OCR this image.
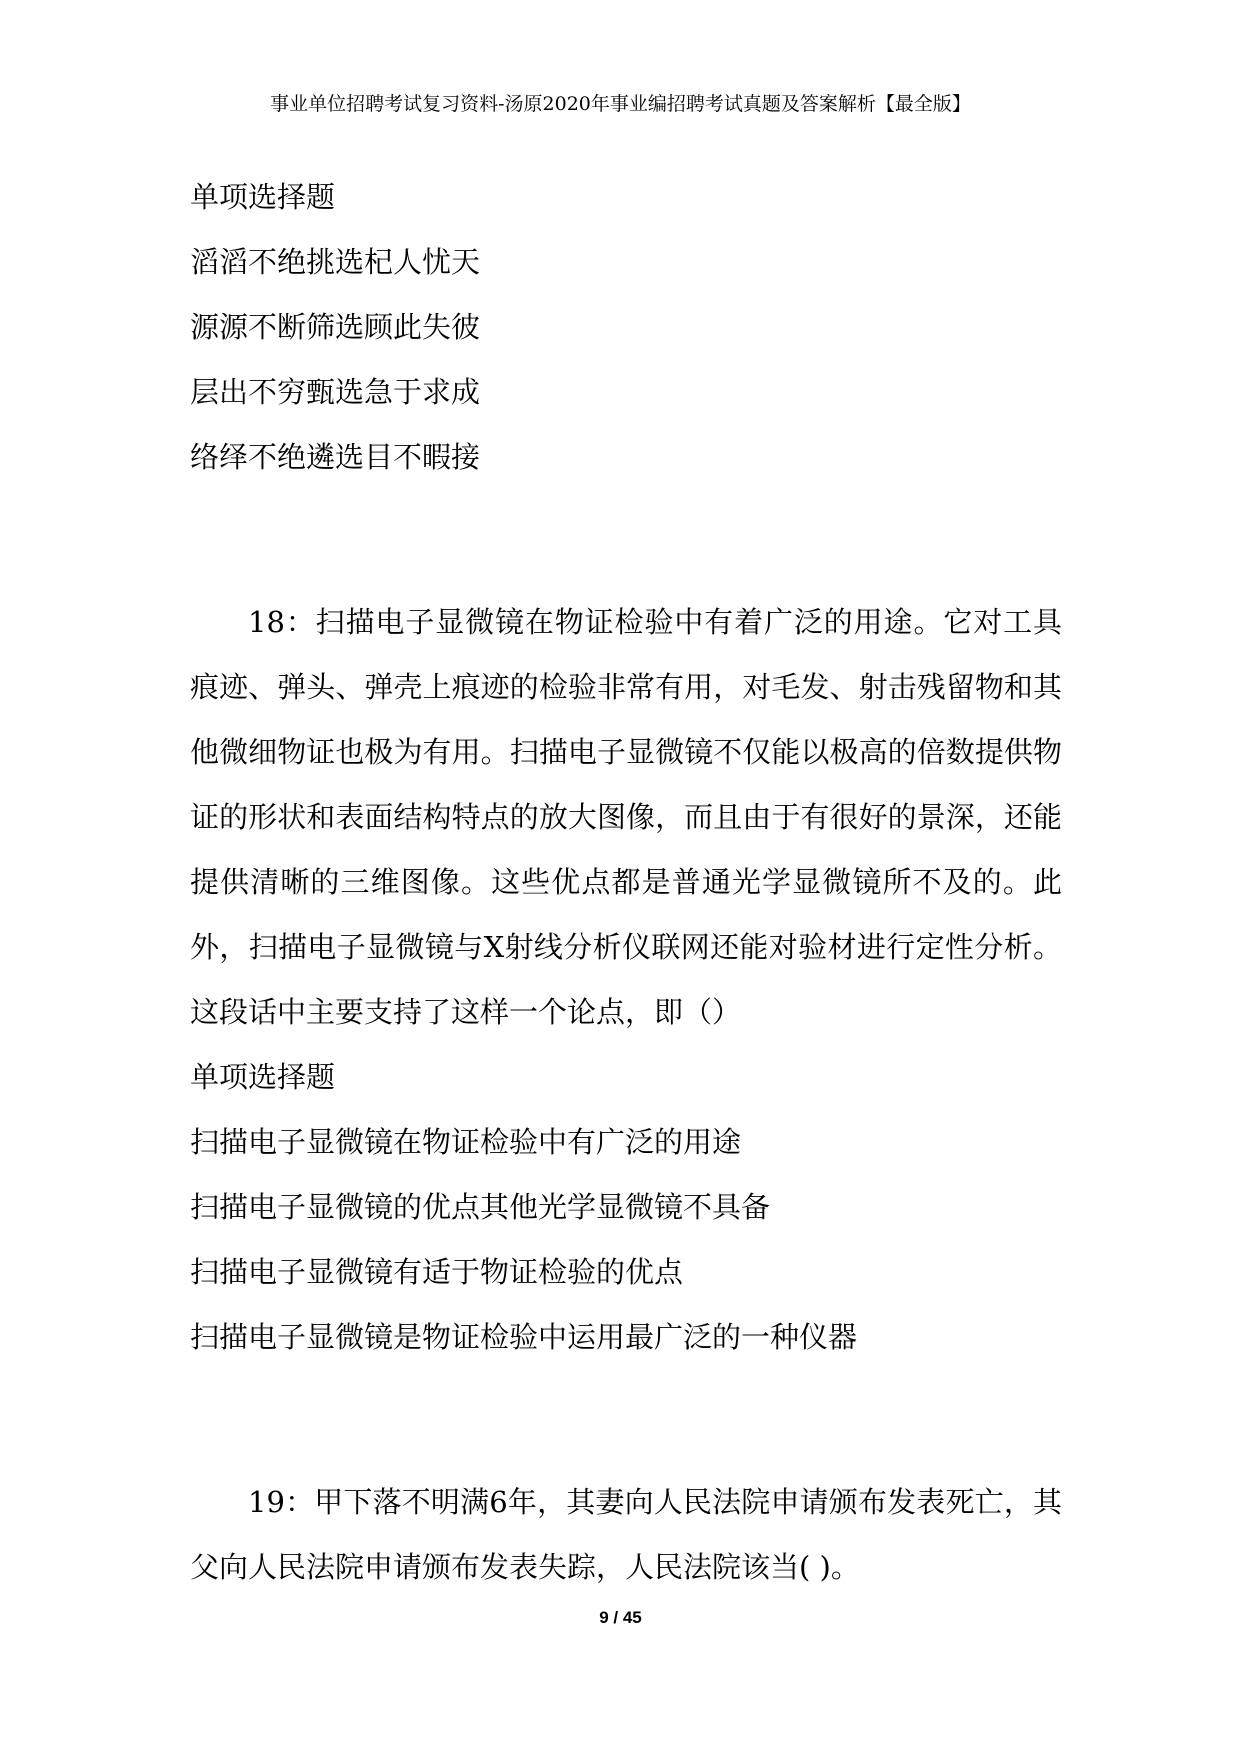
事业单位招聘考试复习资料-汤原2020年事业编招聘考试真题及答案解析【最全版】
单项选择题
滔滔不绝挑选杞人忧天
源源不断筛选顾此失彼
层出不穷甄选急于求成
络绎不绝遴选目不暇接

18：扫描电子显微镜在物证检验中有着广泛的用途。它对工具痕迹、弹头、弹壳上痕迹的检验非常有用，对毛发、射击残留物和其他微细物证也极为有用。扫描电子显微镜不仅能以极高的倍数提供物证的形状和表面结构特点的放大图像，而且由于有很好的景深，还能提供清晰的三维图像。这些优点都是普通光学显微镜所不及的。此外，扫描电子显微镜与X射线分析仪联网还能对验材进行定性分析。这段话中主要支持了这样一个论点，即（）

单项选择题
扫描电子显微镜在物证检验中有广泛的用途
扫描电子显微镜的优点其他光学显微镜不具备
扫描电子显微镜有适于物证检验的优点
扫描电子显微镜是物证检验中运用最广泛的一种仪器

19：甲下落不明满6年，其妻向人民法院申请颁布发表死亡，其父向人民法院申请颁布发表失踪，人民法院该当( )。

9 / 45
